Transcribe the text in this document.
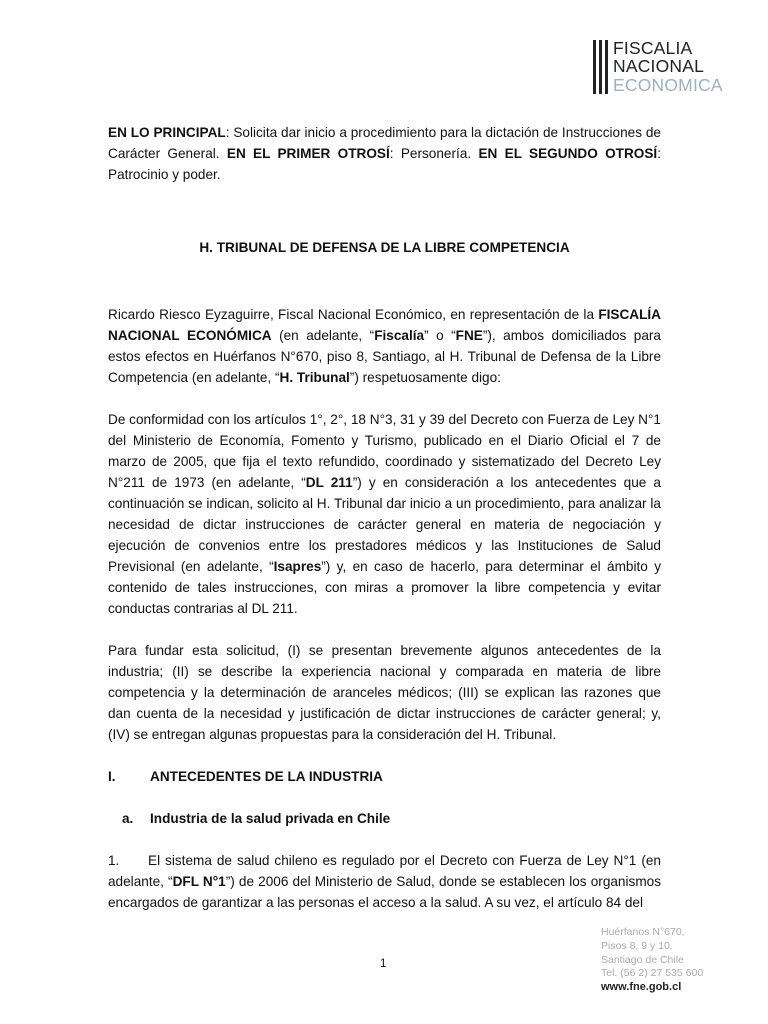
FISCALIA
NACIONAL
ECONOMICA

EN LO PRINCIPAL: Solicita dar inicio a procedimiento para la dictación de Instrucciones de Carácter General. EN EL PRIMER OTROSÍ: Personería. EN EL SEGUNDO OTROSÍ: Patrocinio y poder.

H. TRIBUNAL DE DEFENSA DE LA LIBRE COMPETENCIA

Ricardo Riesco Eyzaguirre, Fiscal Nacional Económico, en representación de la FISCALÍA NACIONAL ECONÓMICA (en adelante, “Fiscalía” o “FNE”), ambos domiciliados para estos efectos en Huérfanos N°670, piso 8, Santiago, al H. Tribunal de Defensa de la Libre Competencia (en adelante, “H. Tribunal”) respetuosamente digo:

De conformidad con los artículos 1°, 2°, 18 N°3, 31 y 39 del Decreto con Fuerza de Ley N°1 del Ministerio de Economía, Fomento y Turismo, publicado en el Diario Oficial el 7 de marzo de 2005, que fija el texto refundido, coordinado y sistematizado del Decreto Ley N°211 de 1973 (en adelante, “DL 211”) y en consideración a los antecedentes que a continuación se indican, solicito al H. Tribunal dar inicio a un procedimiento, para analizar la necesidad de dictar instrucciones de carácter general en materia de negociación y ejecución de convenios entre los prestadores médicos y las Instituciones de Salud Previsional (en adelante, “Isapres”) y, en caso de hacerlo, para determinar el ámbito y contenido de tales instrucciones, con miras a promover la libre competencia y evitar conductas contrarias al DL 211.

Para fundar esta solicitud, (I) se presentan brevemente algunos antecedentes de la industria; (II) se describe la experiencia nacional y comparada en materia de libre competencia y la determinación de aranceles médicos; (III) se explican las razones que dan cuenta de la necesidad y justificación de dictar instrucciones de carácter general; y, (IV) se entregan algunas propuestas para la consideración del H. Tribunal.

I.	ANTECEDENTES DE LA INDUSTRIA
a.	Industria de la salud privada en Chile

1. El sistema de salud chileno es regulado por el Decreto con Fuerza de Ley N°1 (en adelante, “DFL N°1”) de 2006 del Ministerio de Salud, donde se establecen los organismos encargados de garantizar a las personas el acceso a la salud. A su vez, el artículo 84 del

1
Huérfanos N°670,
Pisos 8, 9 y 10.
Santiago de Chile
Tel. (56 2) 27 535 600
www.fne.gob.cl
